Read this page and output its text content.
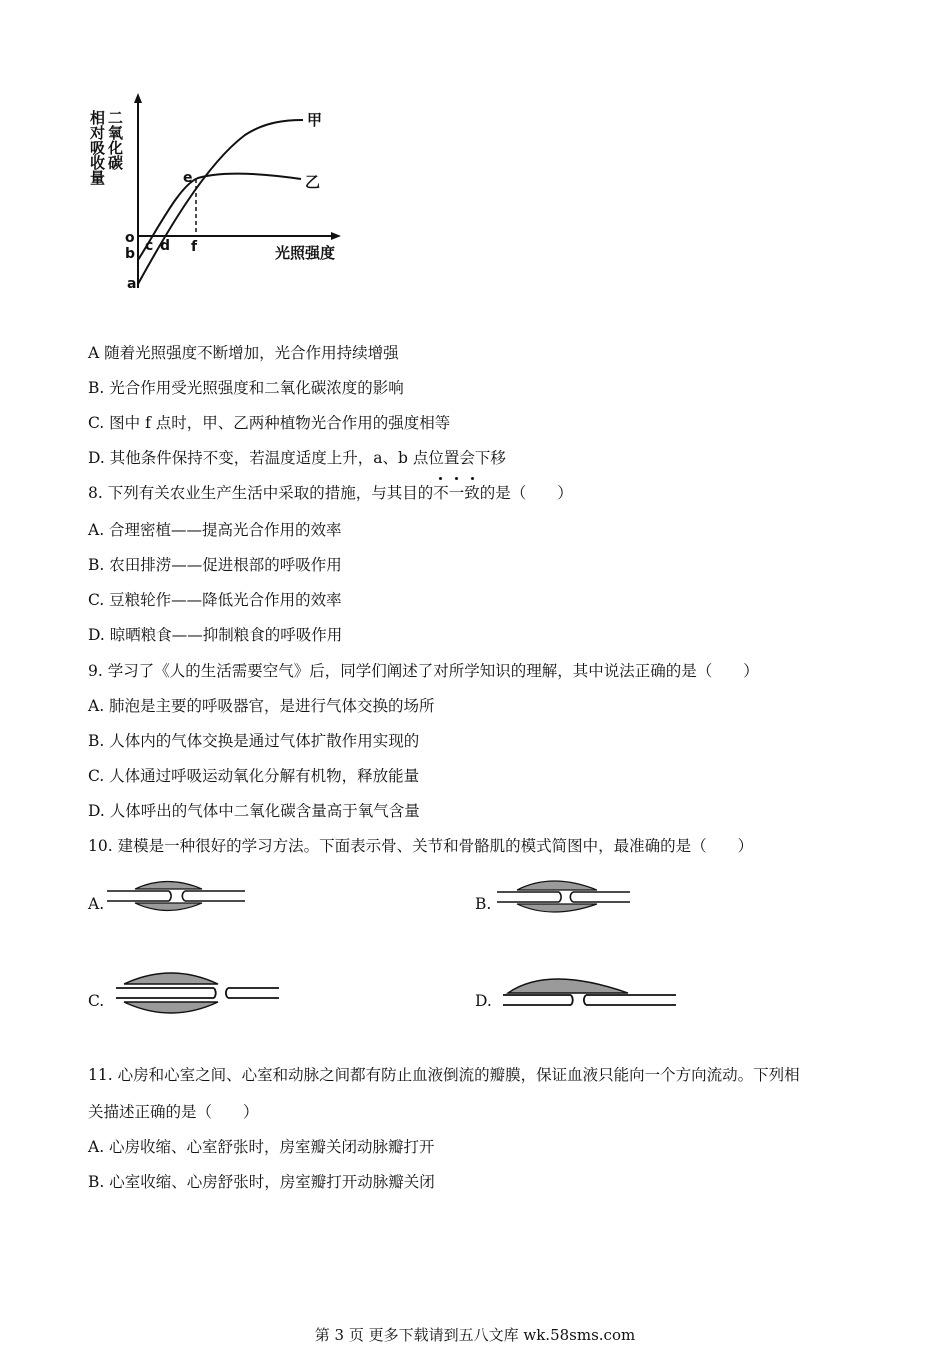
二氧化碳
相对吸收量	甲
乙
e
o
b
a
c d f	光照强度
A 随着光照强度不断增加，光合作用持续增强
B. 光合作用受光照强度和二氧化碳浓度的影响
C. 图中 f 点时，甲、乙两种植物光合作用的强度相等
D. 其他条件保持不变，若温度适度上升，a、b 点位置会下移
8. 下列有关农业生产生活中采取的措施，与其目的不一致的是（　　）
A. 合理密植——提高光合作用的效率
B. 农田排涝——促进根部的呼吸作用
C. 豆粮轮作——降低光合作用的效率
D. 晾晒粮食——抑制粮食的呼吸作用
9. 学习了《人的生活需要空气》后，同学们阐述了对所学知识的理解，其中说法正确的是（　　）
A. 肺泡是主要的呼吸器官，是进行气体交换的场所
B. 人体内的气体交换是通过气体扩散作用实现的
C. 人体通过呼吸运动氧化分解有机物，释放能量
D. 人体呼出的气体中二氧化碳含量高于氧气含量
10. 建模是一种很好的学习方法。下面表示骨、关节和骨骼肌的模式简图中，最准确的是（　　）
A.	B.
C.	D.
11. 心房和心室之间、心室和动脉之间都有防止血液倒流的瓣膜，保证血液只能向一个方向流动。下列相
关描述正确的是（　　）
A. 心房收缩、心室舒张时，房室瓣关闭动脉瓣打开
B. 心室收缩、心房舒张时，房室瓣打开动脉瓣关闭
第 3 页 更多下载请到五八文库 wk.58sms.com
